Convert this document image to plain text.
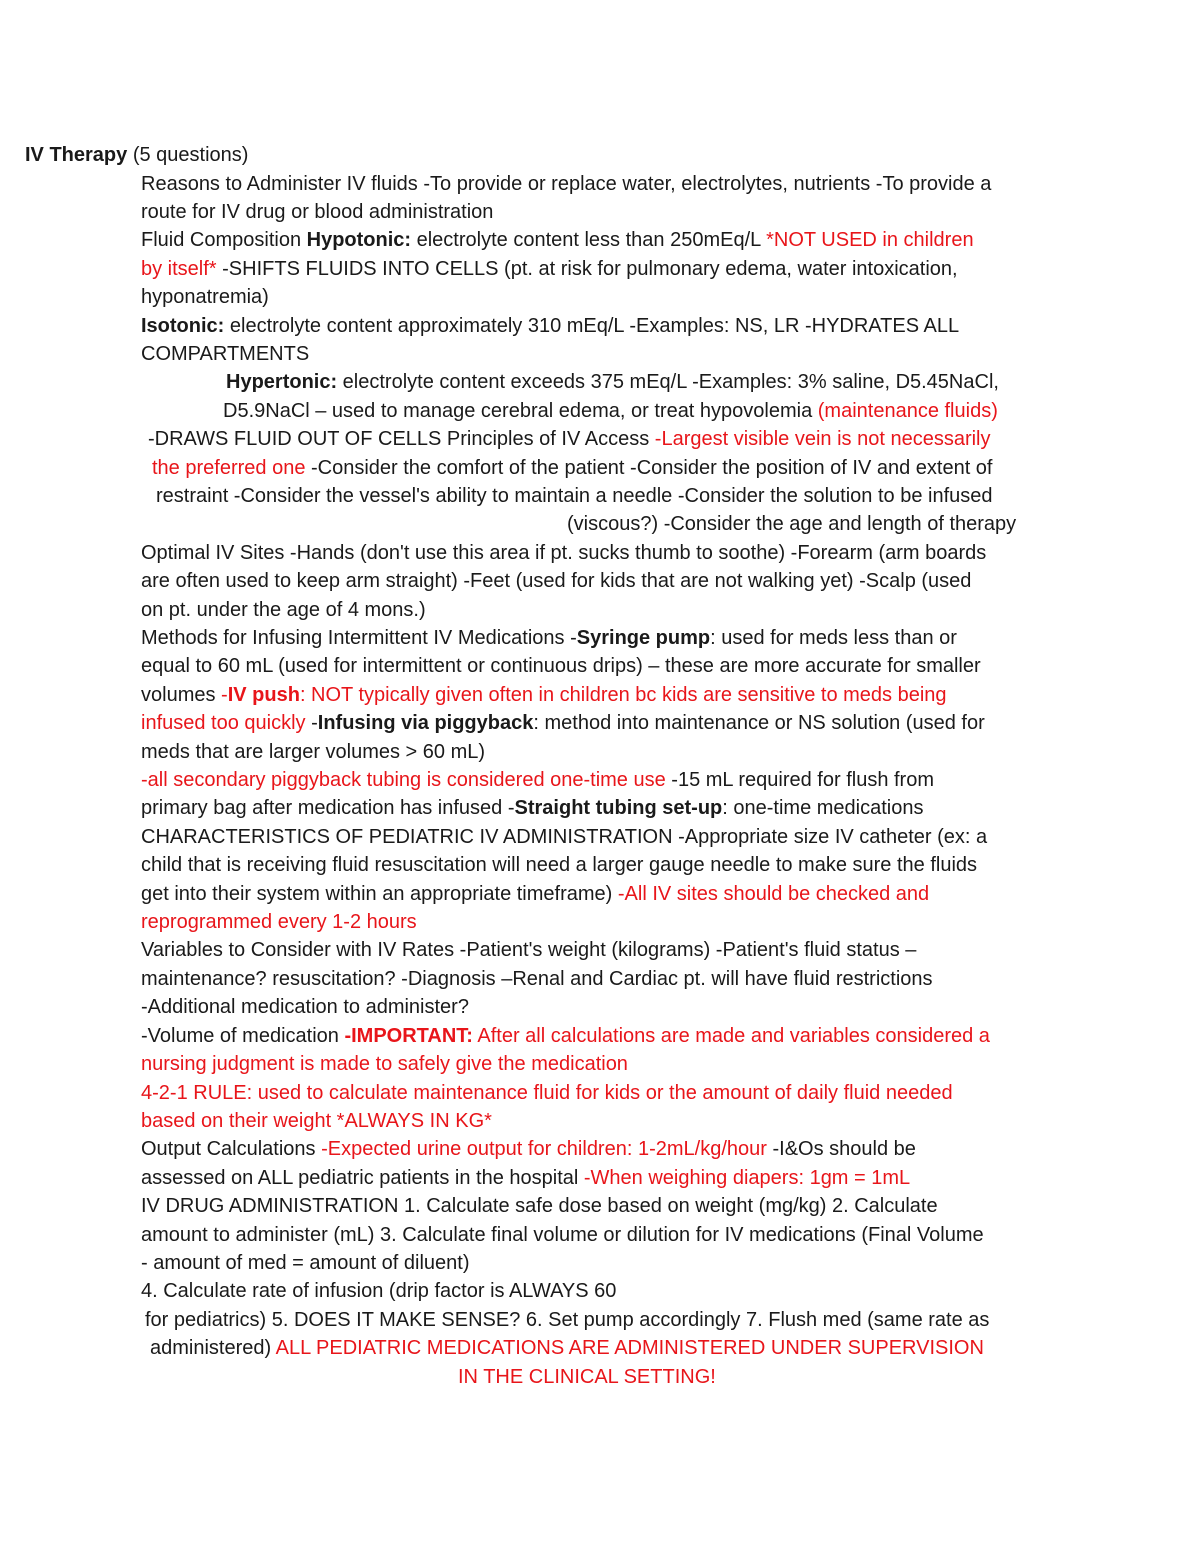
IV Therapy (5 questions)
Reasons to Administer IV fluids -To provide or replace water, electrolytes, nutrients -To provide a
route for IV drug or blood administration
Fluid Composition Hypotonic: electrolyte content less than 250mEq/L *NOT USED in children
by itself* -SHIFTS FLUIDS INTO CELLS (pt. at risk for pulmonary edema, water intoxication,
hyponatremia)
Isotonic: electrolyte content approximately 310 mEq/L -Examples: NS, LR -HYDRATES ALL
COMPARTMENTS
Hypertonic: electrolyte content exceeds 375 mEq/L -Examples: 3% saline, D5.45NaCl,
D5.9NaCl – used to manage cerebral edema, or treat hypovolemia (maintenance fluids)
-DRAWS FLUID OUT OF CELLS Principles of IV Access -Largest visible vein is not necessarily
the preferred one -Consider the comfort of the patient -Consider the position of IV and extent of
restraint -Consider the vessel's ability to maintain a needle -Consider the solution to be infused
(viscous?) -Consider the age and length of therapy
Optimal IV Sites -Hands (don't use this area if pt. sucks thumb to soothe) -Forearm (arm boards
are often used to keep arm straight) -Feet (used for kids that are not walking yet) -Scalp (used
on pt. under the age of 4 mons.)
Methods for Infusing Intermittent IV Medications -Syringe pump: used for meds less than or
equal to 60 mL (used for intermittent or continuous drips) – these are more accurate for smaller
volumes -IV push: NOT typically given often in children bc kids are sensitive to meds being
infused too quickly -Infusing via piggyback: method into maintenance or NS solution (used for
meds that are larger volumes > 60 mL)
-all secondary piggyback tubing is considered one-time use -15 mL required for flush from
primary bag after medication has infused -Straight tubing set-up: one-time medications
CHARACTERISTICS OF PEDIATRIC IV ADMINISTRATION -Appropriate size IV catheter (ex: a
child that is receiving fluid resuscitation will need a larger gauge needle to make sure the fluids
get into their system within an appropriate timeframe) -All IV sites should be checked and
reprogrammed every 1-2 hours
Variables to Consider with IV Rates -Patient's weight (kilograms) -Patient's fluid status –
maintenance? resuscitation? -Diagnosis –Renal and Cardiac pt. will have fluid restrictions
-Additional medication to administer?
-Volume of medication -IMPORTANT: After all calculations are made and variables considered a
nursing judgment is made to safely give the medication
4-2-1 RULE: used to calculate maintenance fluid for kids or the amount of daily fluid needed
based on their weight *ALWAYS IN KG*
Output Calculations -Expected urine output for children: 1-2mL/kg/hour -I&Os should be
assessed on ALL pediatric patients in the hospital -When weighing diapers: 1gm = 1mL
IV DRUG ADMINISTRATION 1. Calculate safe dose based on weight (mg/kg) 2. Calculate
amount to administer (mL) 3. Calculate final volume or dilution for IV medications (Final Volume
- amount of med = amount of diluent)
4. Calculate rate of infusion (drip factor is ALWAYS 60
for pediatrics) 5. DOES IT MAKE SENSE? 6. Set pump accordingly 7. Flush med (same rate as
administered) ALL PEDIATRIC MEDICATIONS ARE ADMINISTERED UNDER SUPERVISION
IN THE CLINICAL SETTING!
